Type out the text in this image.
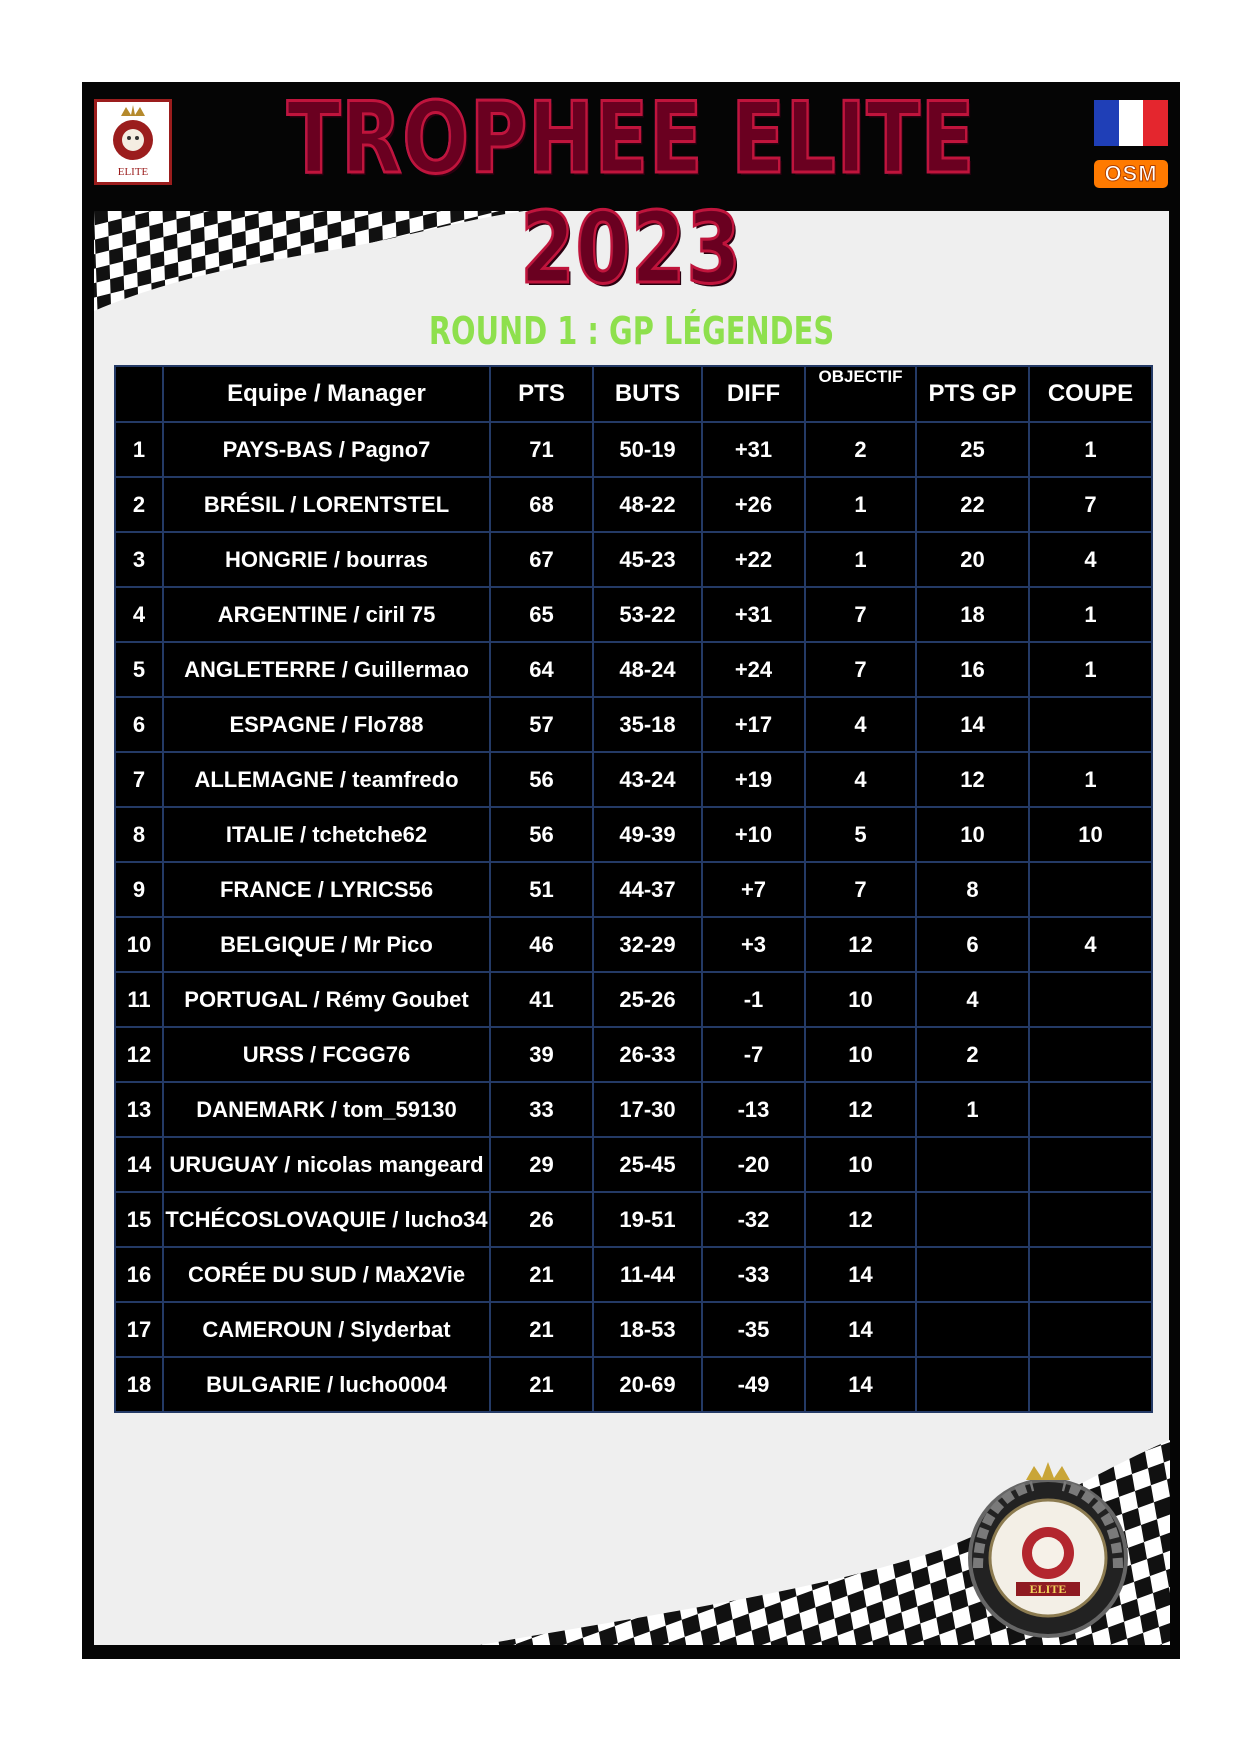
ELITE
ELITE TROPHEE ELITE 2023
OSM
ROUND 1 : GP LÉGENDES
	Equipe / Manager	PTS	BUTS	DIFF	OBJECTIF	PTS GP	COUPE
1	PAYS-BAS / Pagno7	71	50-19	+31	2	25	1
2	BRÉSIL / LORENTSTEL	68	48-22	+26	1	22	7
3	HONGRIE / bourras	67	45-23	+22	1	20	4
4	ARGENTINE / ciril 75	65	53-22	+31	7	18	1
5	ANGLETERRE / Guillermao	64	48-24	+24	7	16	1
6	ESPAGNE / Flo788	57	35-18	+17	4	14	
7	ALLEMAGNE / teamfredo	56	43-24	+19	4	12	1
8	ITALIE / tchetche62	56	49-39	+10	5	10	10
9	FRANCE / LYRICS56	51	44-37	+7	7	8	
10	BELGIQUE / Mr Pico	46	32-29	+3	12	6	4
11	PORTUGAL / Rémy Goubet	41	25-26	-1	10	4	
12	URSS / FCGG76	39	26-33	-7	10	2	
13	DANEMARK / tom_59130	33	17-30	-13	12	1	
14	URUGUAY / nicolas mangeard	29	25-45	-20	10		
15	TCHÉCOSLOVAQUIE / lucho34	26	19-51	-32	12		
16	CORÉE DU SUD / MaX2Vie	21	11-44	-33	14		
17	CAMEROUN / Slyderbat	21	18-53	-35	14		
18	BULGARIE / lucho0004	21	20-69	-49	14		
